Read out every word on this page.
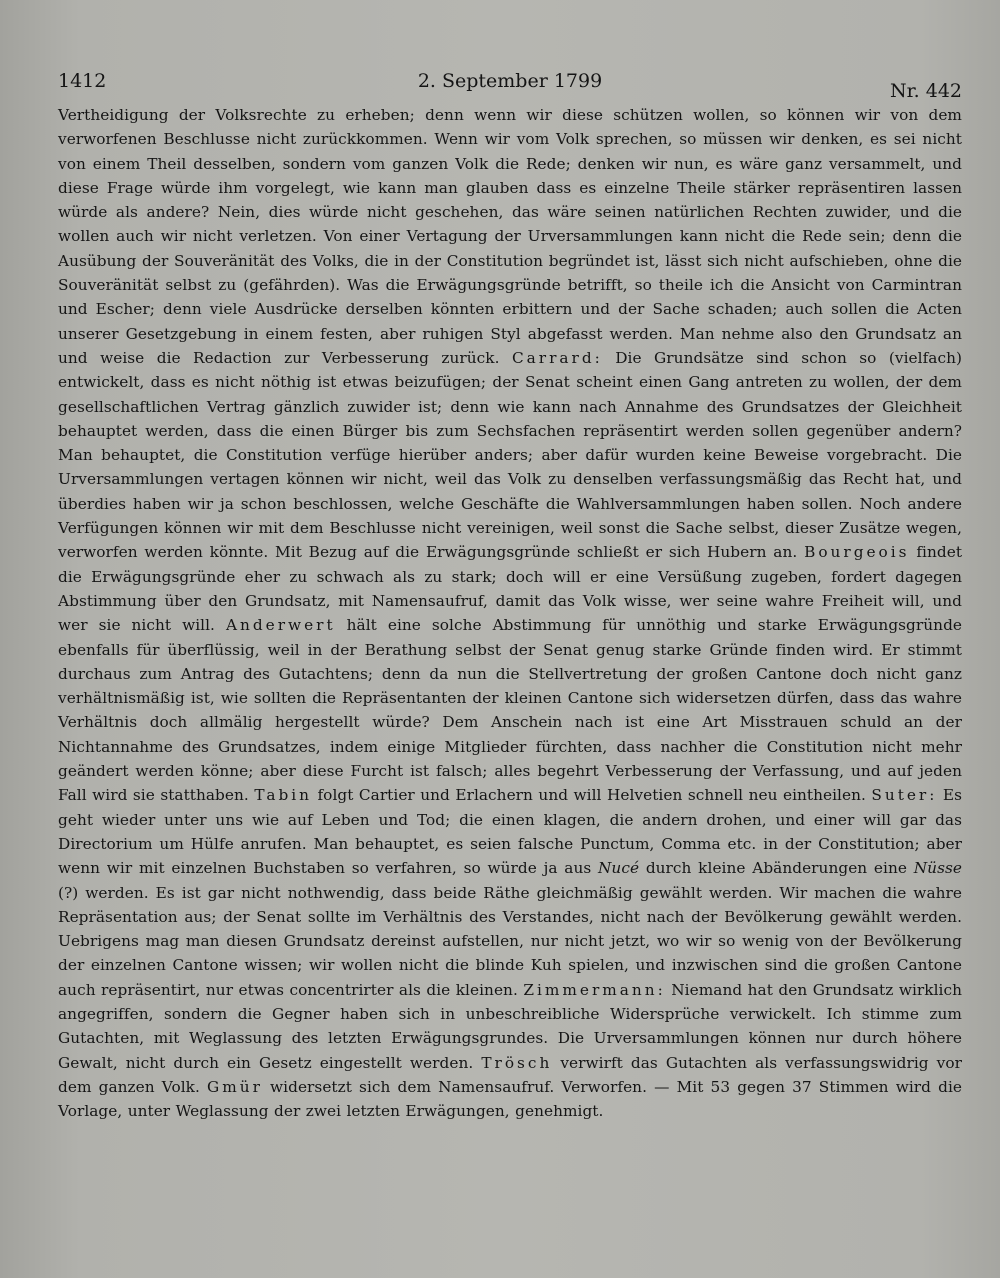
1412	2. September 1799	Nr. 442

Vertheidigung der Volksrechte zu erheben; denn wenn wir diese schützen wollen, so können wir von dem verworfenen Beschlusse nicht zurückkommen. Wenn wir vom Volk sprechen, so müssen wir denken, es sei nicht von einem Theil desselben, sondern vom ganzen Volk die Rede; denken wir nun, es wäre ganz versammelt, und diese Frage würde ihm vorgelegt, wie kann man glauben dass es einzelne Theile stärker repräsentiren lassen würde als andere? Nein, dies würde nicht geschehen, das wäre seinen natürlichen Rechten zuwider, und die wollen auch wir nicht verletzen. Von einer Vertagung der Urversammlungen kann nicht die Rede sein; denn die Ausübung der Souveränität des Volks, die in der Constitution begründet ist, lässt sich nicht aufschieben, ohne die Souveränität selbst zu (gefährden). Was die Erwägungsgründe betrifft, so theile ich die Ansicht von Carmintran und Escher; denn viele Ausdrücke derselben könnten erbittern und der Sache schaden; auch sollen die Acten unserer Gesetzgebung in einem festen, aber ruhigen Styl abgefasst werden. Man nehme also den Grundsatz an und weise die Redaction zur Verbesserung zurück. Carrard: Die Grundsätze sind schon so (vielfach) entwickelt, dass es nicht nöthig ist etwas beizufügen; der Senat scheint einen Gang antreten zu wollen, der dem gesellschaftlichen Vertrag gänzlich zuwider ist; denn wie kann nach Annahme des Grundsatzes der Gleichheit behauptet werden, dass die einen Bürger bis zum Sechsfachen repräsentirt werden sollen gegenüber andern? Man behauptet, die Constitution verfüge hierüber anders; aber dafür wurden keine Beweise vorgebracht. Die Urversammlungen vertagen können wir nicht, weil das Volk zu denselben verfassungsmäßig das Recht hat, und überdies haben wir ja schon beschlossen, welche Geschäfte die Wahlversammlungen haben sollen. Noch andere Verfügungen können wir mit dem Beschlusse nicht vereinigen, weil sonst die Sache selbst, dieser Zusätze wegen, verworfen werden könnte. Mit Bezug auf die Erwägungsgründe schließt er sich Hubern an. Bourgeois findet die Erwägungsgründe eher zu schwach als zu stark; doch will er eine Versüßung zugeben, fordert dagegen Abstimmung über den Grundsatz, mit Namensaufruf, damit das Volk wisse, wer seine wahre Freiheit will, und wer sie nicht will. Anderwert hält eine solche Abstimmung für unnöthig und starke Erwägungsgründe ebenfalls für überflüssig, weil in der Berathung selbst der Senat genug starke Gründe finden wird. Er stimmt durchaus zum Antrag des Gutachtens; denn da nun die Stellvertretung der großen Cantone doch nicht ganz verhältnismäßig ist, wie sollten die Repräsentanten der kleinen Cantone sich widersetzen dürfen, dass das wahre Verhältnis doch allmälig hergestellt würde? Dem Anschein nach ist eine Art Misstrauen schuld an der Nichtannahme des Grundsatzes, indem einige Mitglieder fürchten, dass nachher die Constitution nicht mehr geändert werden könne; aber diese Furcht ist falsch; alles begehrt Verbesserung der Verfassung, und auf jeden Fall wird sie statthaben. Tabin folgt Cartier und Erlachern und will Helvetien schnell neu eintheilen. Suter: Es geht wieder unter uns wie auf Leben und Tod; die einen klagen, die andern drohen, und einer will gar das Directorium um Hülfe anrufen. Man behauptet, es seien falsche Punctum, Comma etc. in der Constitution; aber wenn wir mit einzelnen Buchstaben so verfahren, so würde ja aus Nucé durch kleine Abänderungen eine Nüsse (?) werden. Es ist gar nicht nothwendig, dass beide Räthe gleichmäßig gewählt werden. Wir machen die wahre Repräsentation aus; der Senat sollte im Verhältnis des Verstandes, nicht nach der Bevölkerung gewählt werden. Uebrigens mag man diesen Grundsatz dereinst aufstellen, nur nicht jetzt, wo wir so wenig von der Bevölkerung der einzelnen Cantone wissen; wir wollen nicht die blinde Kuh spielen, und inzwischen sind die großen Cantone auch repräsentirt, nur etwas concentrirter als die kleinen. Zimmermann: Niemand hat den Grundsatz wirklich angegriffen, sondern die Gegner haben sich in unbeschreibliche Widersprüche verwickelt. Ich stimme zum Gutachten, mit Weglassung des letzten Erwägungsgrundes. Die Urversammlungen können nur durch höhere Gewalt, nicht durch ein Gesetz eingestellt werden. Trösch verwirft das Gutachten als verfassungswidrig vor dem ganzen Volk. Gmür widersetzt sich dem Namensaufruf. Verworfen. — Mit 53 gegen 37 Stimmen wird die Vorlage, unter Weglassung der zwei letzten Erwägungen, genehmigt.
